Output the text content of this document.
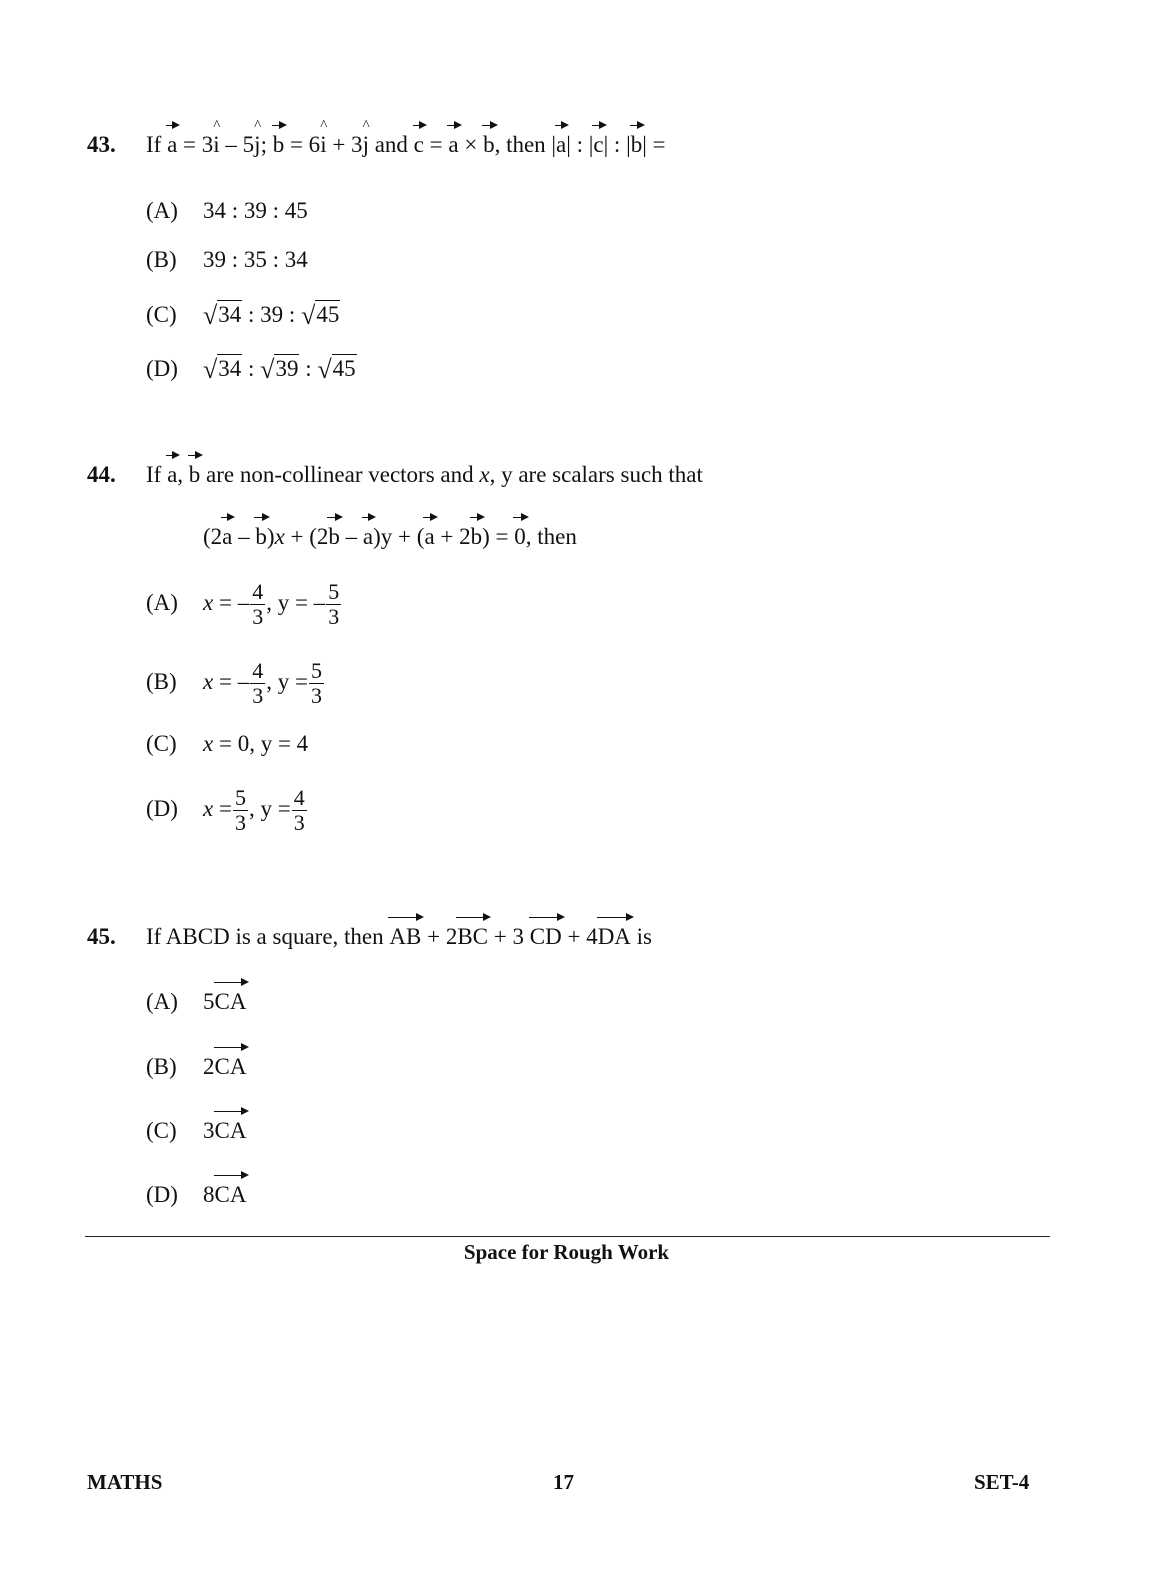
43. If a = 3^ i – 5^ j; b = 6^ i + 3^ j and c = a × b, then |
a| : |
c| : |
b| =
(A) 34 : 39 : 45
(B) 39 : 35 : 34
(C) √34 : 39 : √45
(D) √34 : √39 : √45
44. If a, b are non-collinear vectors and x, y are scalars such that
(2
a – b)x + (2
b – a)y + (
a + 2
b) = 0, then
(A) x = – $\frac{4}{3}$ , y = – $\frac{5}{3}$
(B) x = – $\frac{4}{3}$ , $y = \frac{5}{3}$
(C) x = 0, y = 4
(D) $x = \frac{5}{3}$ , $y = \frac{4}{3}$
45. If ABCD is a square, then AB + 2
BC + 3 CD + 4
DA is
(A) 5
CA
(B) 2
CA
(C) 3
CA
(D) 8
CA
Space for Rough Work
MATHS	17	SET-4
